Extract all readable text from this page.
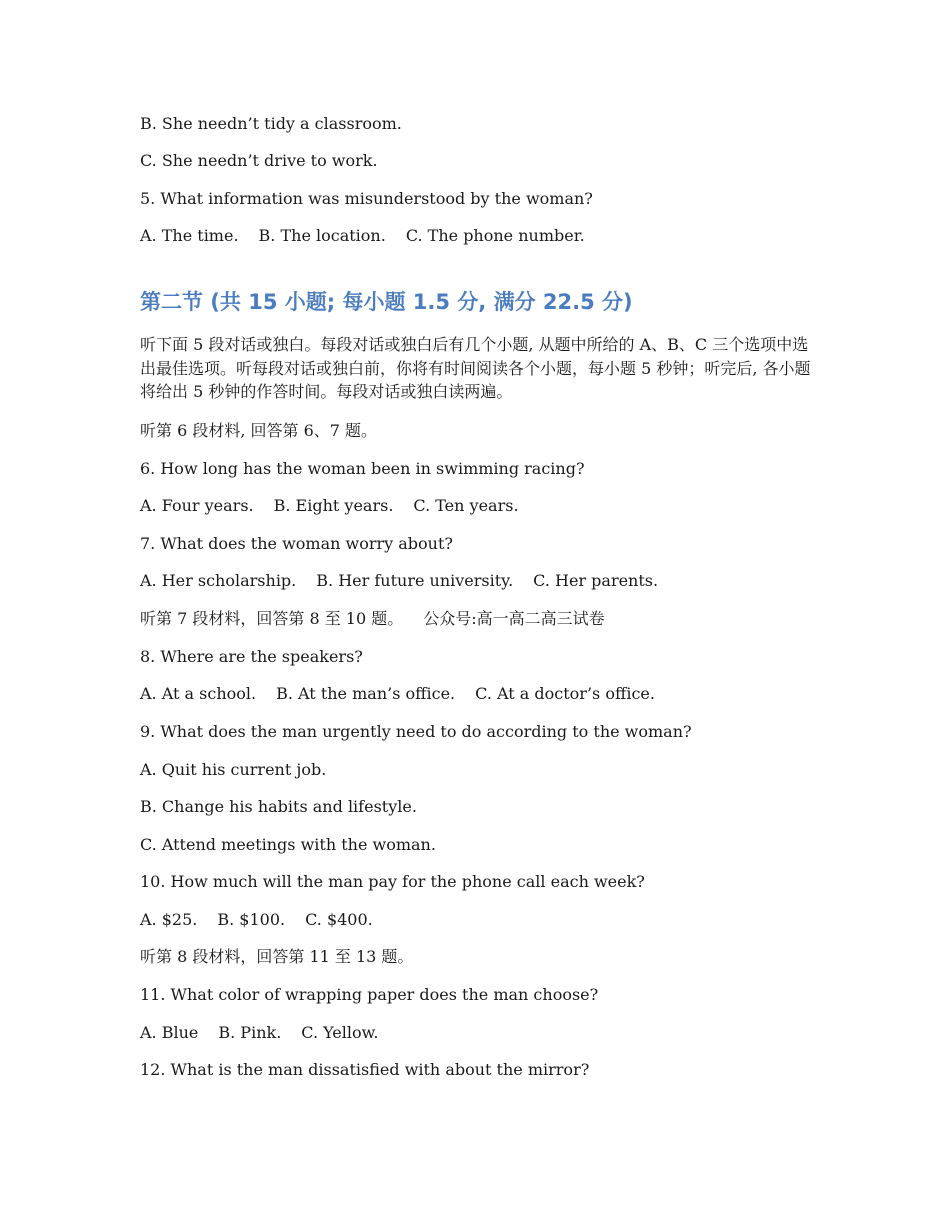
B. She needn’t tidy a classroom.

C. She needn’t drive to work.

5. What information was misunderstood by the woman?

A. The time. B. The location. C. The phone number.

第二节 (共 15 小题; 每小题 1.5 分, 满分 22.5 分)

听下面 5 段对话或独白。每段对话或独白后有几个小题, 从题中所给的 A、B、C 三个选项中选出最佳选项。听每段对话或独白前，你将有时间阅读各个小题，每小题 5 秒钟；听完后, 各小题将给出 5 秒钟的作答时间。每段对话或独白读两遍。

听第 6 段材料, 回答第 6、7 题。

6. How long has the woman been in swimming racing?

A. Four years. B. Eight years. C. Ten years.

7. What does the woman worry about?

A. Her scholarship. B. Her future university. C. Her parents.

听第 7 段材料，回答第 8 至 10 题。 公众号:高一高二高三试卷

8. Where are the speakers?

A. At a school. B. At the man’s office. C. At a doctor’s office.

9. What does the man urgently need to do according to the woman?

A. Quit his current job.

B. Change his habits and lifestyle.

C. Attend meetings with the woman.

10. How much will the man pay for the phone call each week?

A. $25. B. $100. C. $400.

听第 8 段材料，回答第 11 至 13 题。

11. What color of wrapping paper does the man choose?

A. Blue B. Pink. C. Yellow.

12. What is the man dissatisfied with about the mirror?
